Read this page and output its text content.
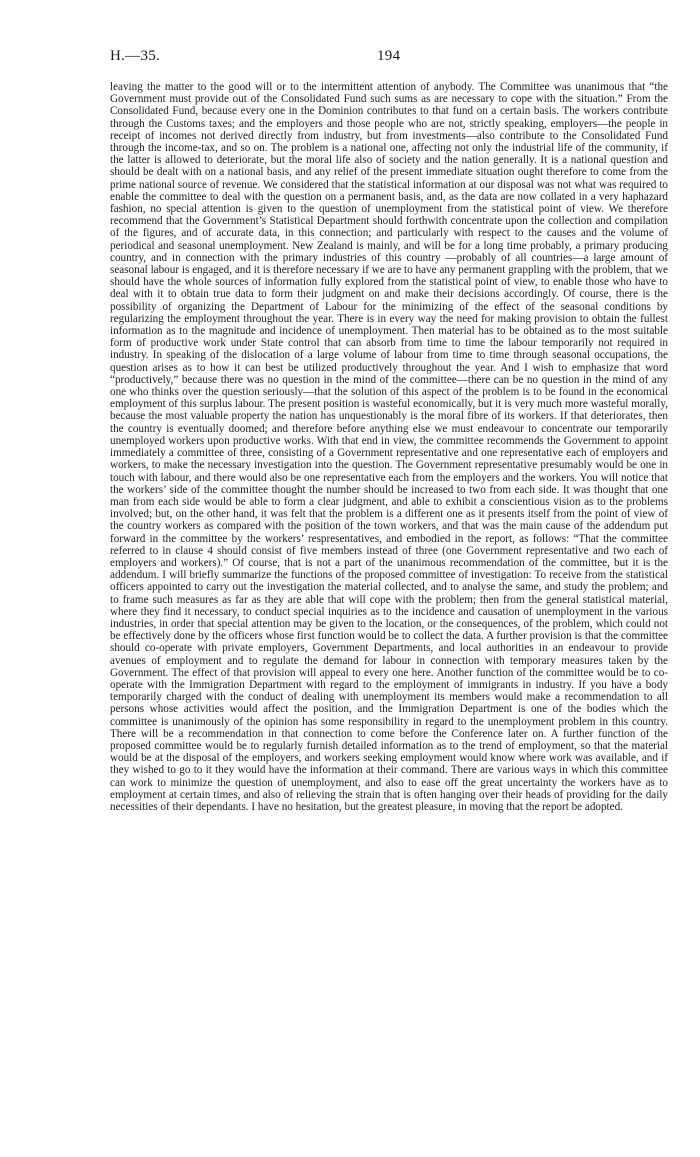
H.—35.	194

leaving the matter to the good will or to the intermittent attention of anybody. The Committee was unanimous that “the Government must provide out of the Consolidated Fund such sums as are necessary to cope with the situation.” From the Consolidated Fund, because every one in the Dominion contributes to that fund on a certain basis. The workers contribute through the Customs taxes; and the employers and those people who are not, strictly speaking, employers—the people in receipt of incomes not derived directly from industry, but from investments—also contribute to the Consolidated Fund through the income-tax, and so on. The problem is a national one, affecting not only the industrial life of the community, if the latter is allowed to deteriorate, but the moral life also of society and the nation generally. It is a national question and should be dealt with on a national basis, and any relief of the present immediate situation ought therefore to come from the prime national source of revenue. We considered that the statistical information at our disposal was not what was required to enable the committee to deal with the question on a permanent basis, and, as the data are now collated in a very haphazard fashion, no special attention is given to the question of unemployment from the statistical point of view. We therefore recommend that the Government’s Statistical Department should forthwith concentrate upon the collection and compilation of the figures, and of accurate data, in this connection; and particularly with respect to the causes and the volume of periodical and seasonal unemployment. New Zealand is mainly, and will be for a long time probably, a primary producing country, and in connection with the primary industries of this country —probably of all countries—a large amount of seasonal labour is engaged, and it is therefore necessary if we are to have any permanent grappling with the problem, that we should have the whole sources of information fully explored from the statistical point of view, to enable those who have to deal with it to obtain true data to form their judgment on and make their decisions accordingly. Of course, there is the possibility of organizing the Department of Labour for the minimizing of the effect of the seasonal conditions by regularizing the employment throughout the year. There is in every way the need for making provision to obtain the fullest information as to the magnitude and incidence of unemployment. Then material has to be obtained as to the most suitable form of productive work under State control that can absorb from time to time the labour temporarily not required in industry. In speaking of the dislocation of a large volume of labour from time to time through seasonal occupations, the question arises as to how it can best be utilized productively throughout the year. And I wish to emphasize that word “productively,” because there was no question in the mind of the committee—there can be no question in the mind of any one who thinks over the question seriously—that the solution of this aspect of the problem is to be found in the economical employment of this surplus labour. The present position is wasteful economically, but it is very much more wasteful morally, because the most valuable property the nation has unquestionably is the moral fibre of its workers. If that deteriorates, then the country is eventually doomed; and therefore before anything else we must endeavour to concentrate our temporarily unemployed workers upon productive works. With that end in view, the committee recommends the Government to appoint immediately a committee of three, consisting of a Government representative and one representative each of employers and workers, to make the necessary investigation into the question. The Government representative presumably would be one in touch with labour, and there would also be one representative each from the employers and the workers. You will notice that the workers’ side of the committee thought the number should be increased to two from each side. It was thought that one man from each side would be able to form a clear judgment, and able to exhibit a conscientious vision as to the problems involved; but, on the other hand, it was felt that the problem is a different one as it presents itself from the point of view of the country workers as compared with the position of the town workers, and that was the main cause of the addendum put forward in the committee by the workers’ respresentatives, and embodied in the report, as follows: “That the committee referred to in clause 4 should consist of five members instead of three (one Government representative and two each of employers and workers).” Of course, that is not a part of the unanimous recommendation of the committee, but it is the addendum. I will briefly summarize the functions of the proposed committee of investigation: To receive from the statistical officers appointed to carry out the investigation the material collected, and to analyse the same, and study the problem; and to frame such measures as far as they are able that will cope with the problem; then from the general statistical material, where they find it necessary, to conduct special inquiries as to the incidence and causation of unemployment in the various industries, in order that special attention may be given to the location, or the consequences, of the problem, which could not be effectively done by the officers whose first function would be to collect the data. A further provision is that the committee should co-operate with private employers, Government Departments, and local authorities in an endeavour to provide avenues of employment and to regulate the demand for labour in connection with temporary measures taken by the Government. The effect of that provision will appeal to every one here. Another function of the committee would be to co-operate with the Immigration Department with regard to the employment of immigrants in industry. If you have a body temporarily charged with the conduct of dealing with unemployment its members would make a recommendation to all persons whose activities would affect the position, and the Immigration Department is one of the bodies which the committee is unanimously of the opinion has some responsibility in regard to the unemployment problem in this country. There will be a recommendation in that connection to come before the Conference later on. A further function of the proposed committee would be to regularly furnish detailed information as to the trend of employment, so that the material would be at the disposal of the employers, and workers seeking employment would know where work was available, and if they wished to go to it they would have the information at their command. There are various ways in which this committee can work to minimize the question of unemployment, and also to ease off the great uncertainty the workers have as to employment at certain times, and also of relieving the strain that is often hanging over their heads of providing for the daily necessities of their dependants. I have no hesitation, but the greatest pleasure, in moving that the report be adopted.
